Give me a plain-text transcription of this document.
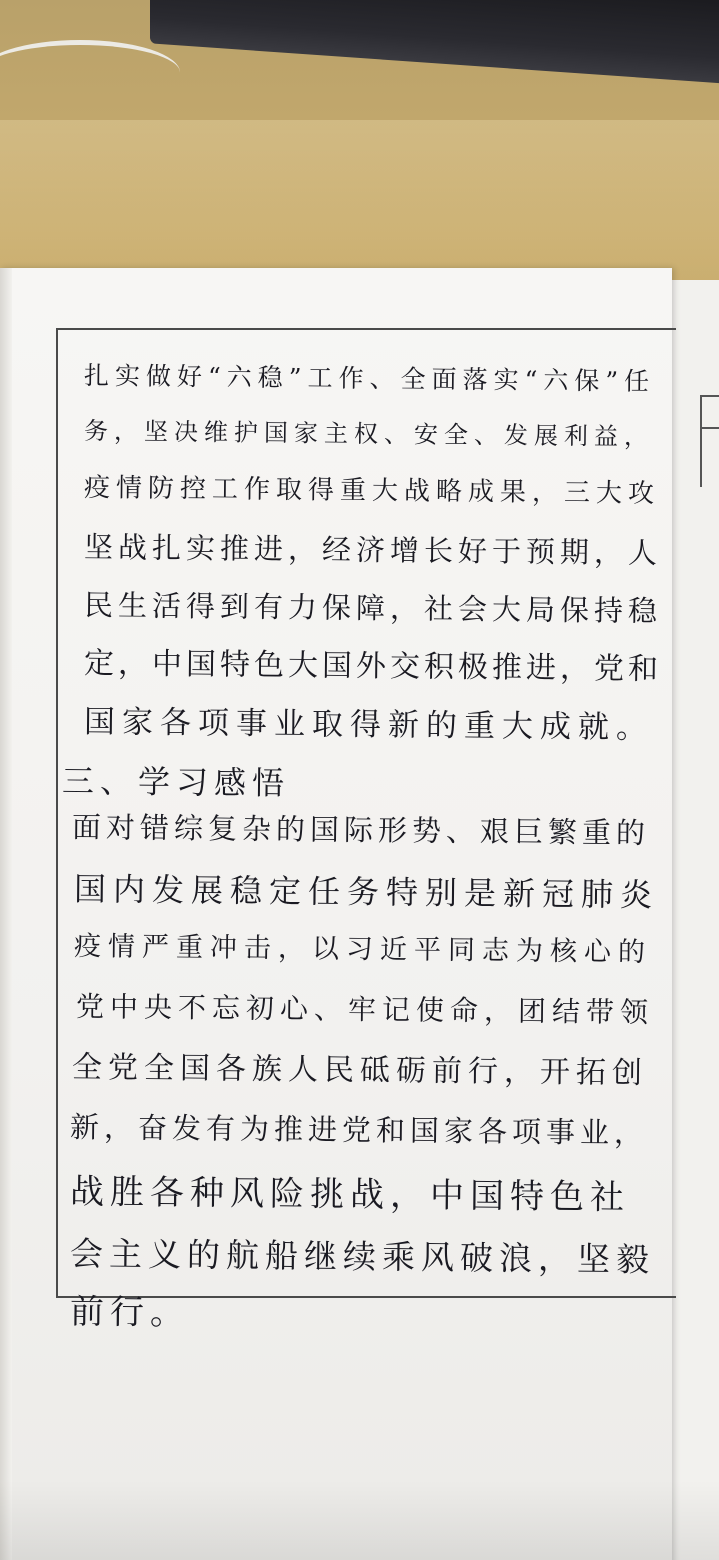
扎实做好“六稳”工作、全面落实“六保”任
务，坚决维护国家主权、安全、发展利益，
疫情防控工作取得重大战略成果，三大攻
坚战扎实推进，经济增长好于预期，人
民生活得到有力保障，社会大局保持稳
定，中国特色大国外交积极推进，党和
国家各项事业取得新的重大成就。
三、学习感悟
面对错综复杂的国际形势、艰巨繁重的
国内发展稳定任务特别是新冠肺炎
疫情严重冲击，以习近平同志为核心的
党中央不忘初心、牢记使命，团结带领
全党全国各族人民砥砺前行，开拓创
新，奋发有为推进党和国家各项事业，
战胜各种风险挑战，中国特色社
会主义的航船继续乘风破浪，坚毅
前行。
